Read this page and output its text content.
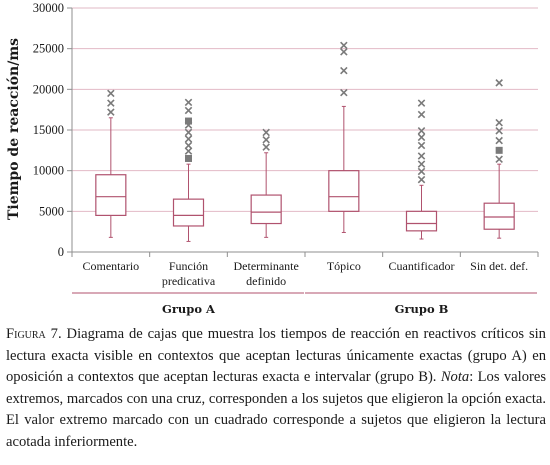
0
5000
10000
15000
20000
25000
30000
Comentario Función
predicativa
Determinante
definido
Tópico Cuantificador Sin det. def.
Grupo A	Grupo B
Tiempo de reacción/ms
Figura 7. Diagrama de cajas que muestra los tiempos de reacción en reactivos críticos sin lectura exacta visible en contextos que aceptan lecturas únicamente exactas (grupo A) en oposición a contextos que aceptan lecturas exacta e intervalar (grupo B). Nota: Los valores extremos, marcados con una cruz, corresponden a los sujetos que eligieron la opción exacta. El valor extremo marcado con un cuadrado corresponde a sujetos que eligieron la lectura acotada inferiormente.
